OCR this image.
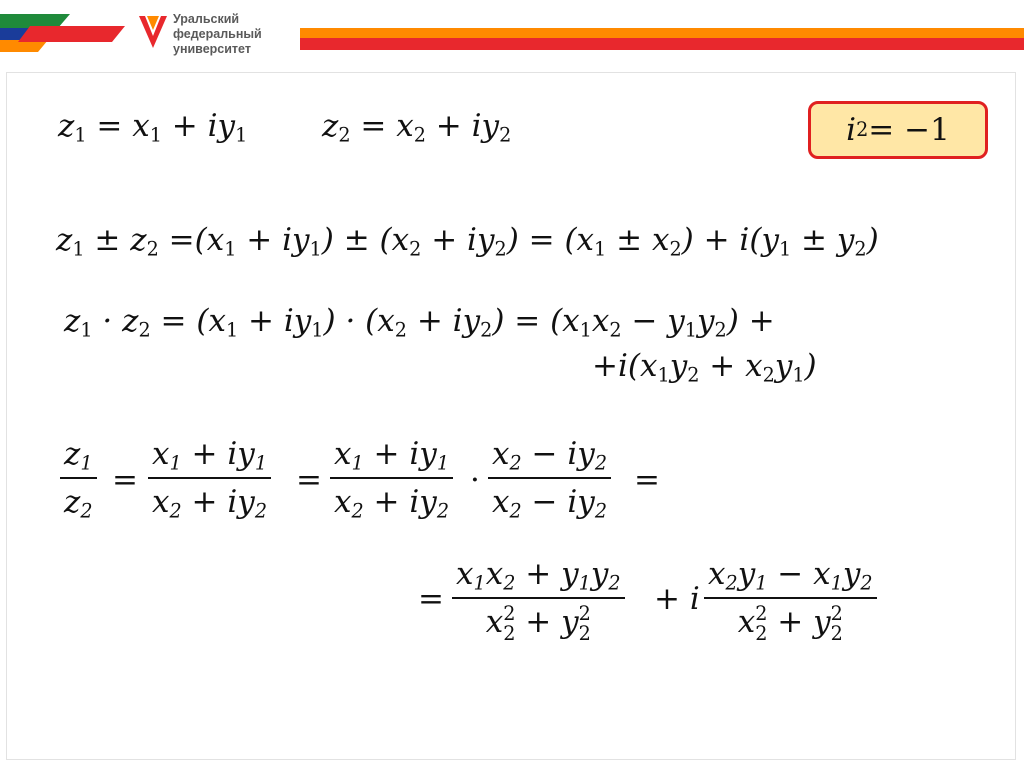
Уральский
федеральный
университет
$z_1 = x_1 + iy_1$ $z_2 = x_2 + iy_2$	i 2 = −1
$z_1 \pm z_2 =(x_1 + iy_1) \pm (x_2 + iy_2) = (x_1 \pm x_2) + i(y_1 \pm y_2)$
$z_1 \cdot z_2 = (x_1 + iy_1) \cdot (x_2 + iy_2) = (x_1x_2 - y_1y_2)$ +
$+i(x_1y_2 + x_2y_1)$
$z_1$
$z_2$
=
$x_1 + iy_1$
$x_2 + iy_2$
=
$x_1 + iy_1$
$x_2 + iy_2$
·
$x_2 - iy_2$
$x_2 - iy_2$
=
=
$x_1x_2 + y_1y_2$
x 2
2 + y 2
2
+ i
$x_2y_1 - x_1y_2$
x 2
2 + y 2
2
